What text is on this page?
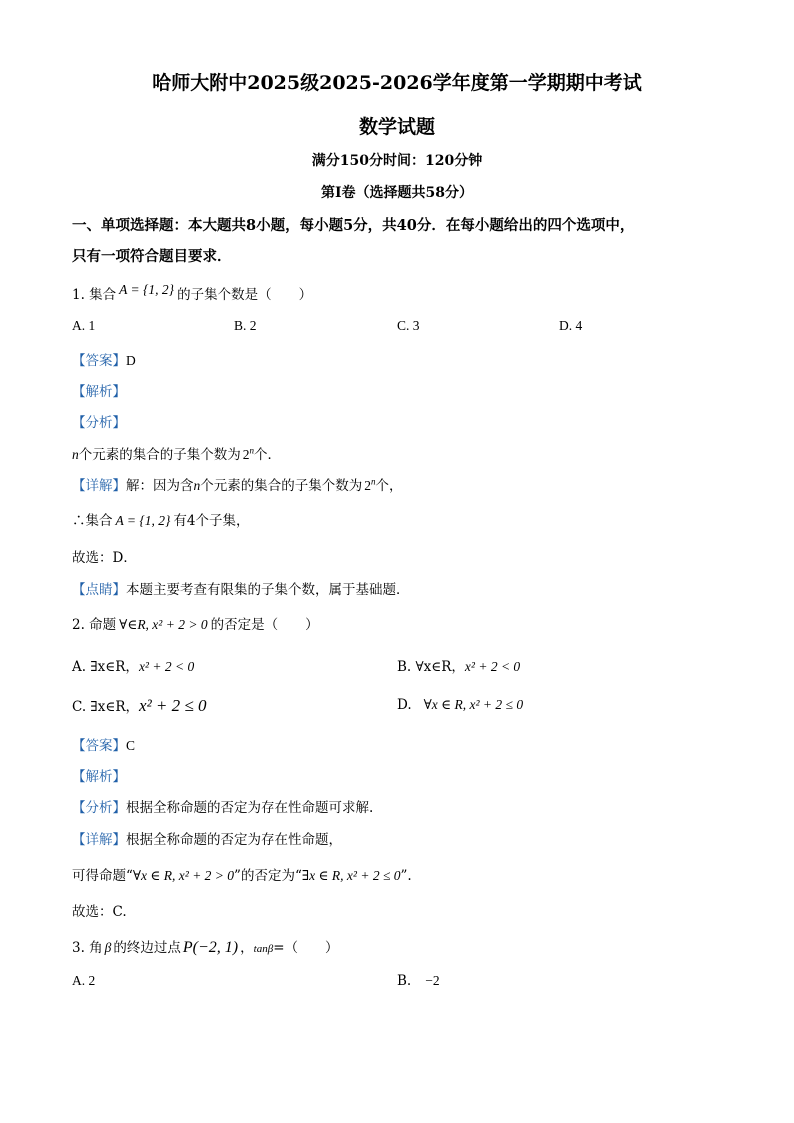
哈师大附中2025级2025-2026学年度第一学期期中考试
数学试题
满分150分时间：120分钟
第Ⅰ卷（选择题共58分）
一、单项选择题：本大题共8小题，每小题5分，共40分．在每小题给出的四个选项中，
只有一项符合题目要求．
1. 集合 A = {1, 2} 的子集个数是（　　）
A. 1	B. 2	C. 3	D. 4
【答案】D
【解析】
【分析】
n个元素的集合的子集个数为 2$^n$个．
【详解】解：因为含n个元素的集合的子集个数为 2$^n$个，
∴集合 A = {1, 2} 有4个子集，
故选：D．
【点睛】本题主要考查有限集的子集个数，属于基础题．
2. 命题 ∀∈R, x² + 2 > 0 的否定是（　　）
A. ∃x∈R，x² + 2 < 0	B. ∀x∈R，x² + 2 < 0
C. ∃x∈R，x² + 2 ≤ 0	D. ∀x ∈ R, x² + 2 ≤ 0
【答案】C
【解析】
【分析】根据全称命题的否定为存在性命题可求解.
【详解】根据全称命题的否定为存在性命题，
可得命题“∀x ∈ R, x² + 2 > 0”的否定为“∃x ∈ R, x² + 2 ≤ 0”.
故选：C.
3. 角 β 的终边过点 P(−2, 1) ，tanβ=（　　）
A. 2	B. −2
